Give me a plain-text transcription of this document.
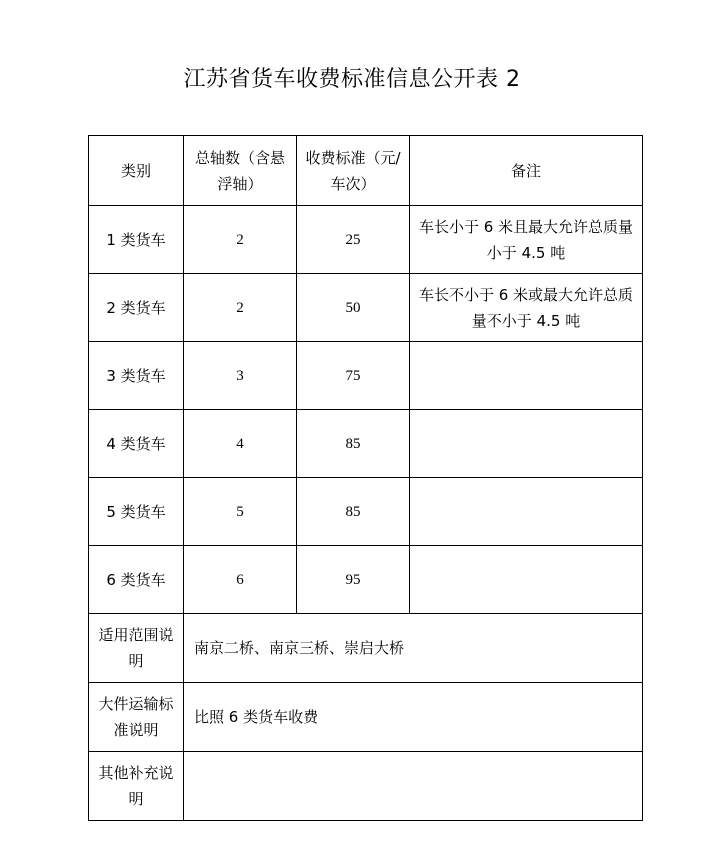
江苏省货车收费标准信息公开表 2
类别	总轴数（含悬浮轴）	收费标准（元/车次）	备注
1 类货车	2	25	车长小于 6 米且最大允许总质量小于 4.5 吨
2 类货车	2	50	车长不小于 6 米或最大允许总质量不小于 4.5 吨
3 类货车	3	75	
4 类货车	4	85	
5 类货车	5	85	
6 类货车	6	95	
适用范围说明	南京二桥、南京三桥、崇启大桥		
大件运输标准说明	比照 6 类货车收费		
其他补充说明			
